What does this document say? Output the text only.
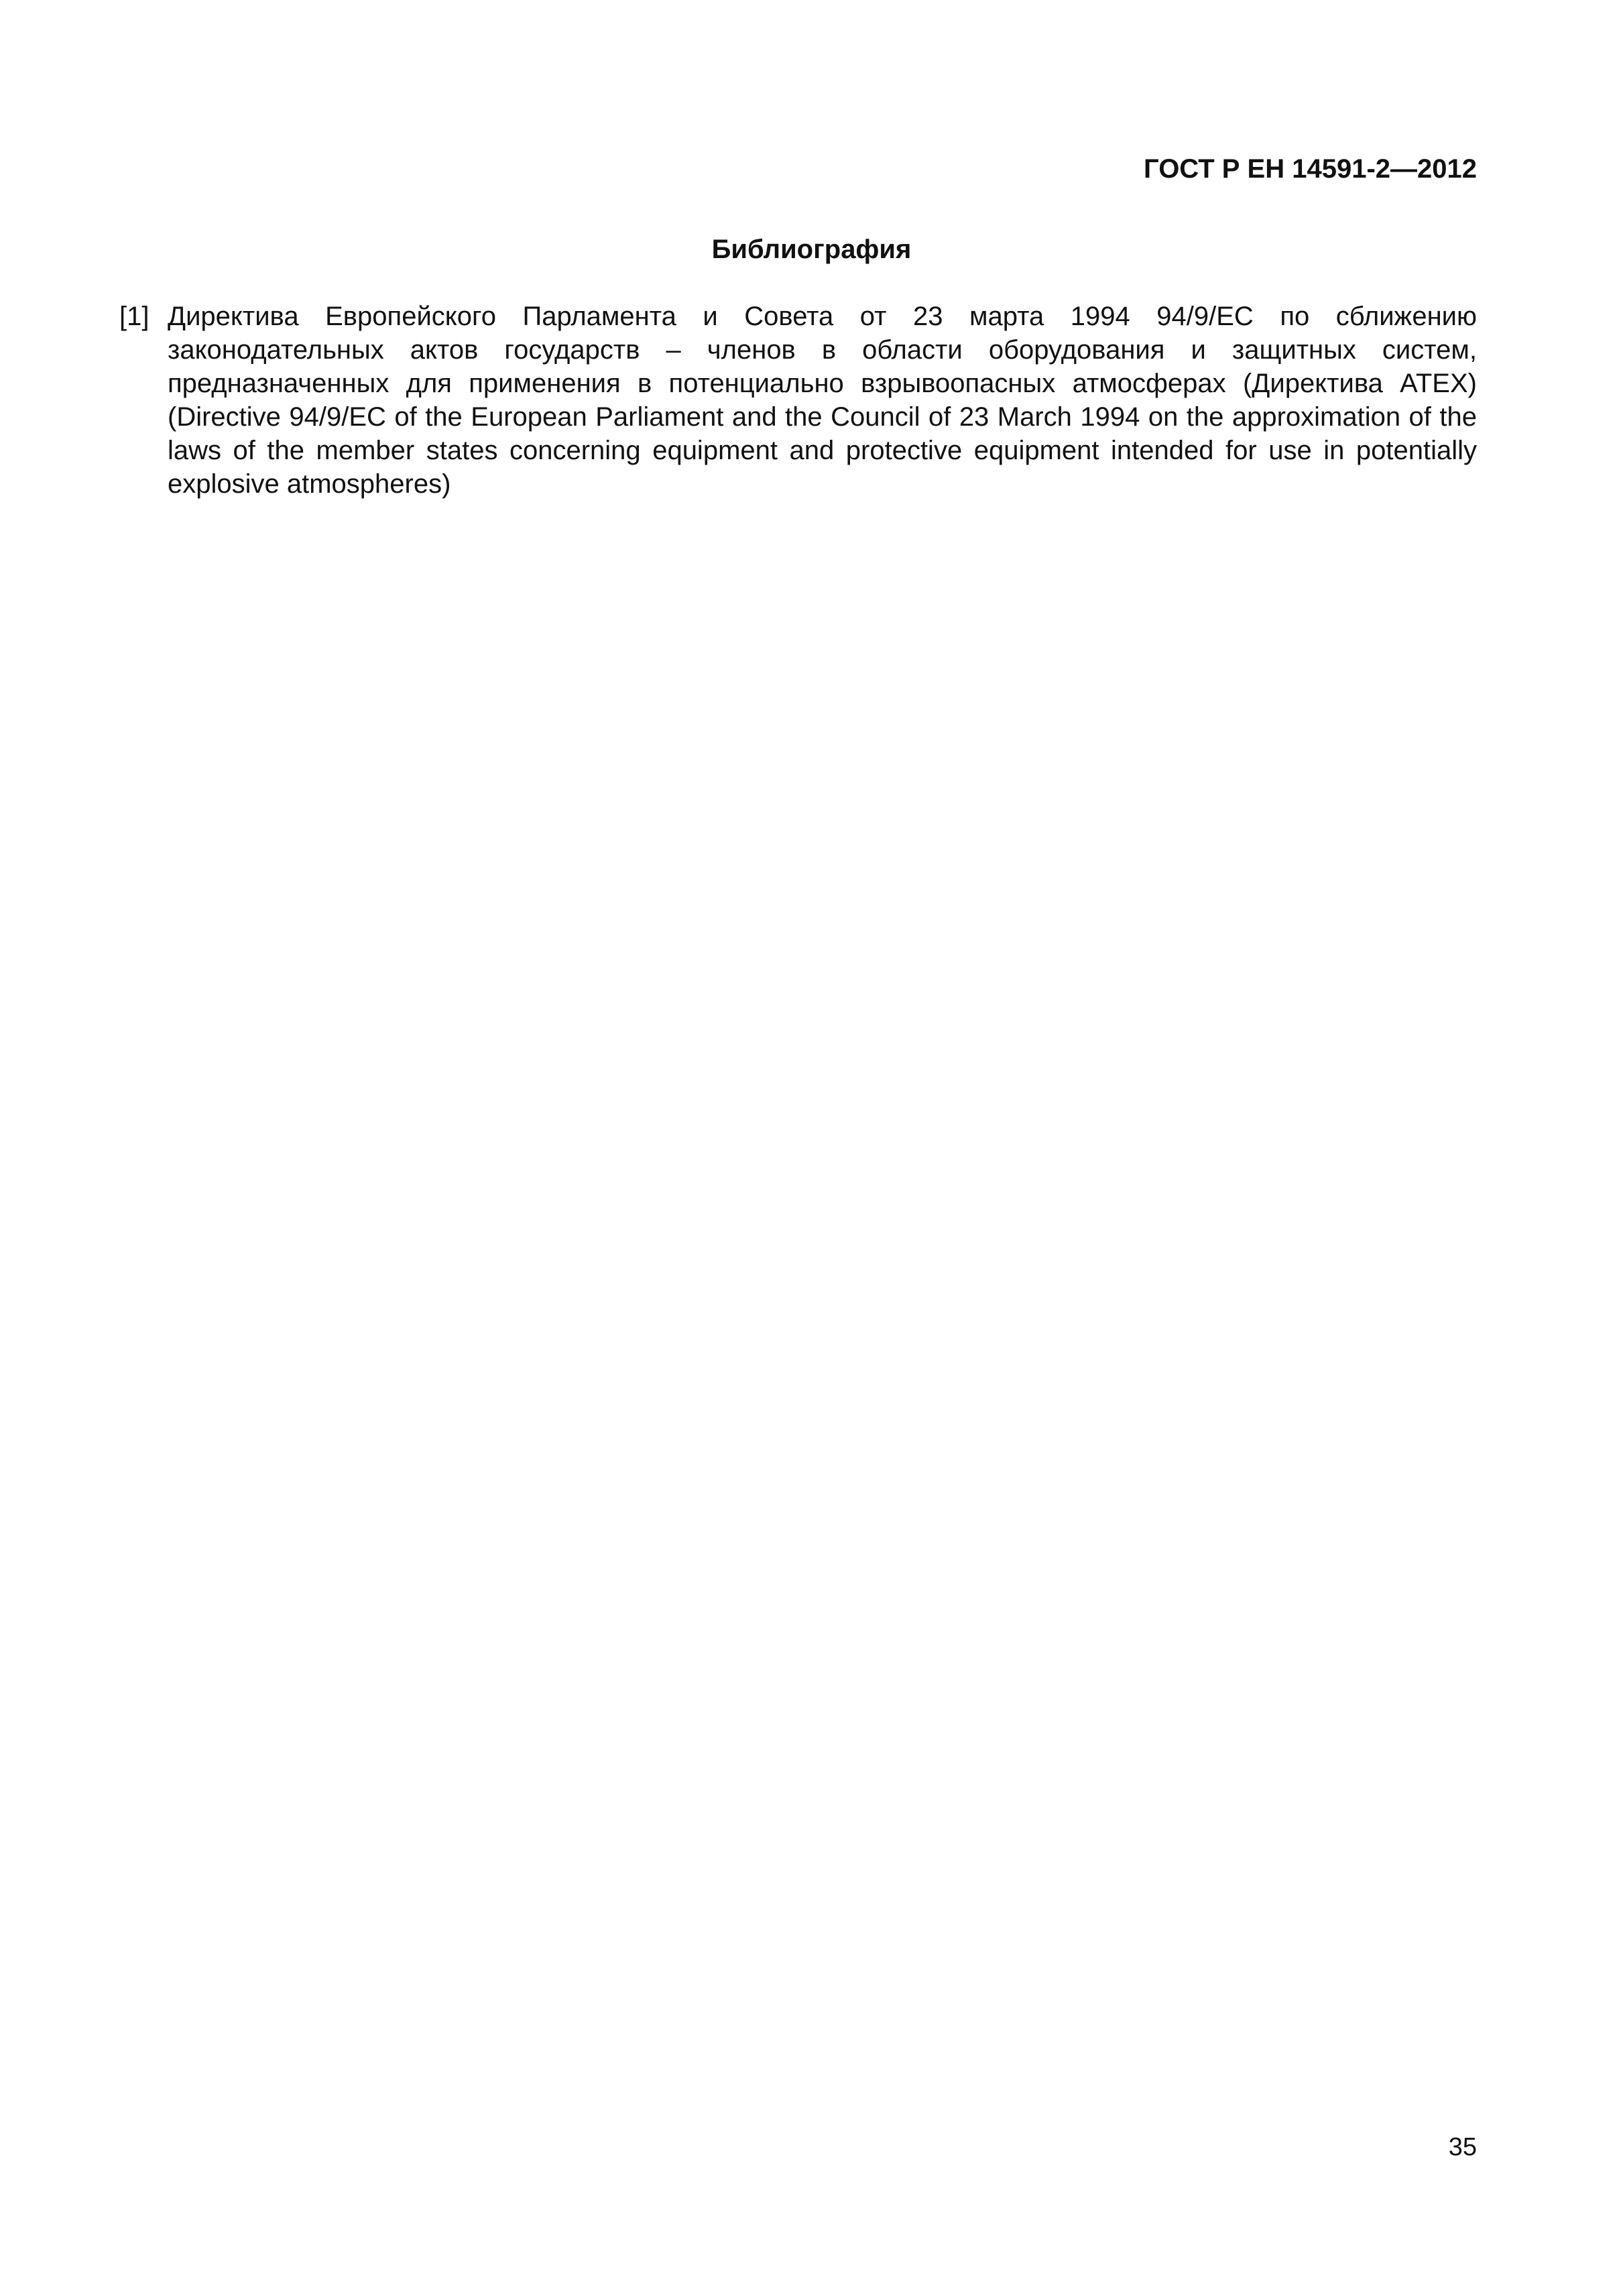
ГОСТ Р ЕН 14591-2—2012
Библиография
[1] Директива Европейского Парламента и Совета от 23 марта 1994 94/9/ЕС по сближению законодательных актов государств – членов в области оборудования и защитных систем, предназначенных для применения в потенциально взрывоопасных атмосферах (Директива ATEX) (Directive 94/9/EC of the European Parliament and the Council of 23 March 1994 on the approximation of the laws of the member states concerning equipment and protective equipment intended for use in potentially explosive atmospheres)
35
